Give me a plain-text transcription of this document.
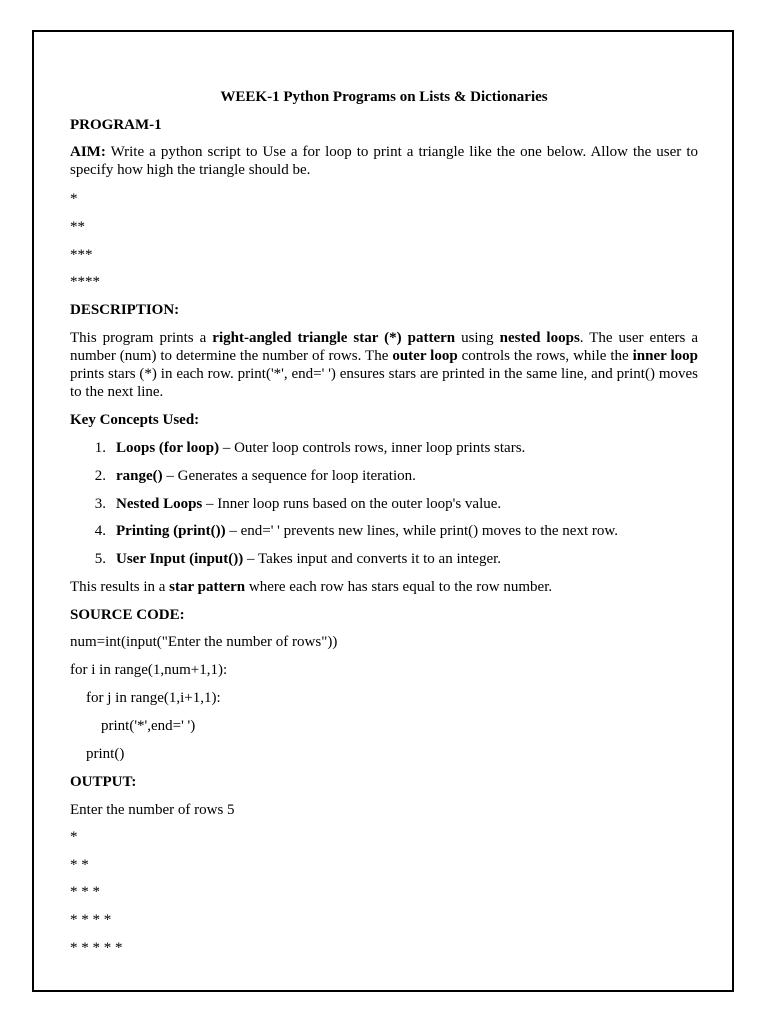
WEEK-1 Python Programs on Lists & Dictionaries
PROGRAM-1
AIM: Write a python script to Use a for loop to print a triangle like the one below. Allow the user to specify how high the triangle should be.
*
**
***
****
DESCRIPTION:
This program prints a right-angled triangle star (*) pattern using nested loops. The user enters a number (num) to determine the number of rows. The outer loop controls the rows, while the inner loop prints stars (*) in each row. print('*', end=' ') ensures stars are printed in the same line, and print() moves to the next line.
Key Concepts Used:
1. Loops (for loop) – Outer loop controls rows, inner loop prints stars.
2. range() – Generates a sequence for loop iteration.
3. Nested Loops – Inner loop runs based on the outer loop's value.
4. Printing (print()) – end=' ' prevents new lines, while print() moves to the next row.
5. User Input (input()) – Takes input and converts it to an integer.
This results in a star pattern where each row has stars equal to the row number.
SOURCE CODE:
num=int(input("Enter the number of rows"))
for i in range(1,num+1,1):
for j in range(1,i+1,1):
print('*',end=' ')
print()
OUTPUT:
Enter the number of rows 5
*
* *
* * *
* * * *
* * * * *
